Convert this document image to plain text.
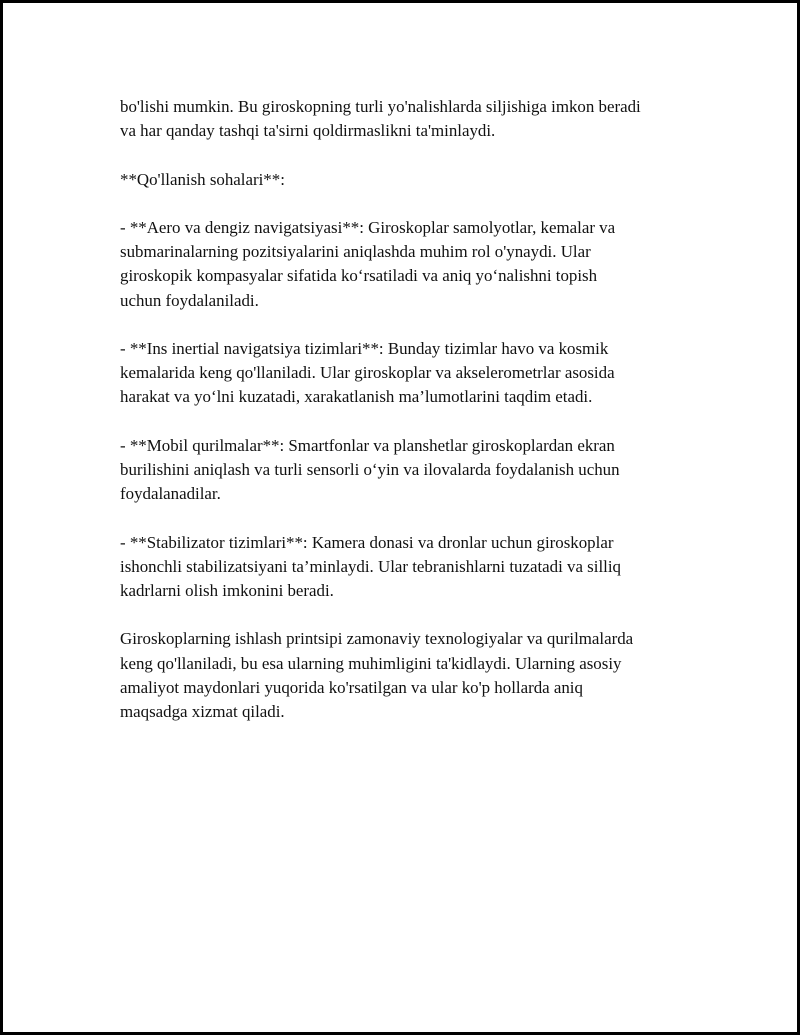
bo'lishi mumkin. Bu giroskopning turli yo'nalishlarda siljishiga imkon beradi
va har qanday tashqi ta'sirni qoldirmaslikni ta'minlaydi.

**Qo'llanish sohalari**:

- **Aero va dengiz navigatsiyasi**: Giroskoplar samolyotlar, kemalar va
submarinalarning pozitsiyalarini aniqlashda muhim rol o'ynaydi. Ular
giroskopik kompasyalar sifatida ko‘rsatiladi va aniq yo‘nalishni topish
uchun foydalaniladi.

- **Ins inertial navigatsiya tizimlari**: Bunday tizimlar havo va kosmik
kemalarida keng qo'llaniladi. Ular giroskoplar va akselerometrlar asosida
harakat va yo‘lni kuzatadi, xarakatlanish ma’lumotlarini taqdim etadi.

- **Mobil qurilmalar**: Smartfonlar va planshetlar giroskoplardan ekran
burilishini aniqlash va turli sensorli o‘yin va ilovalarda foydalanish uchun
foydalanadilar.

- **Stabilizator tizimlari**: Kamera donasi va dronlar uchun giroskoplar
ishonchli stabilizatsiyani ta’minlaydi. Ular tebranishlarni tuzatadi va silliq
kadrlarni olish imkonini beradi.

Giroskoplarning ishlash printsipi zamonaviy texnologiyalar va qurilmalarda
keng qo'llaniladi, bu esa ularning muhimligini ta'kidlaydi. Ularning asosiy
amaliyot maydonlari yuqorida ko'rsatilgan va ular ko'p hollarda aniq
maqsadga xizmat qiladi.
